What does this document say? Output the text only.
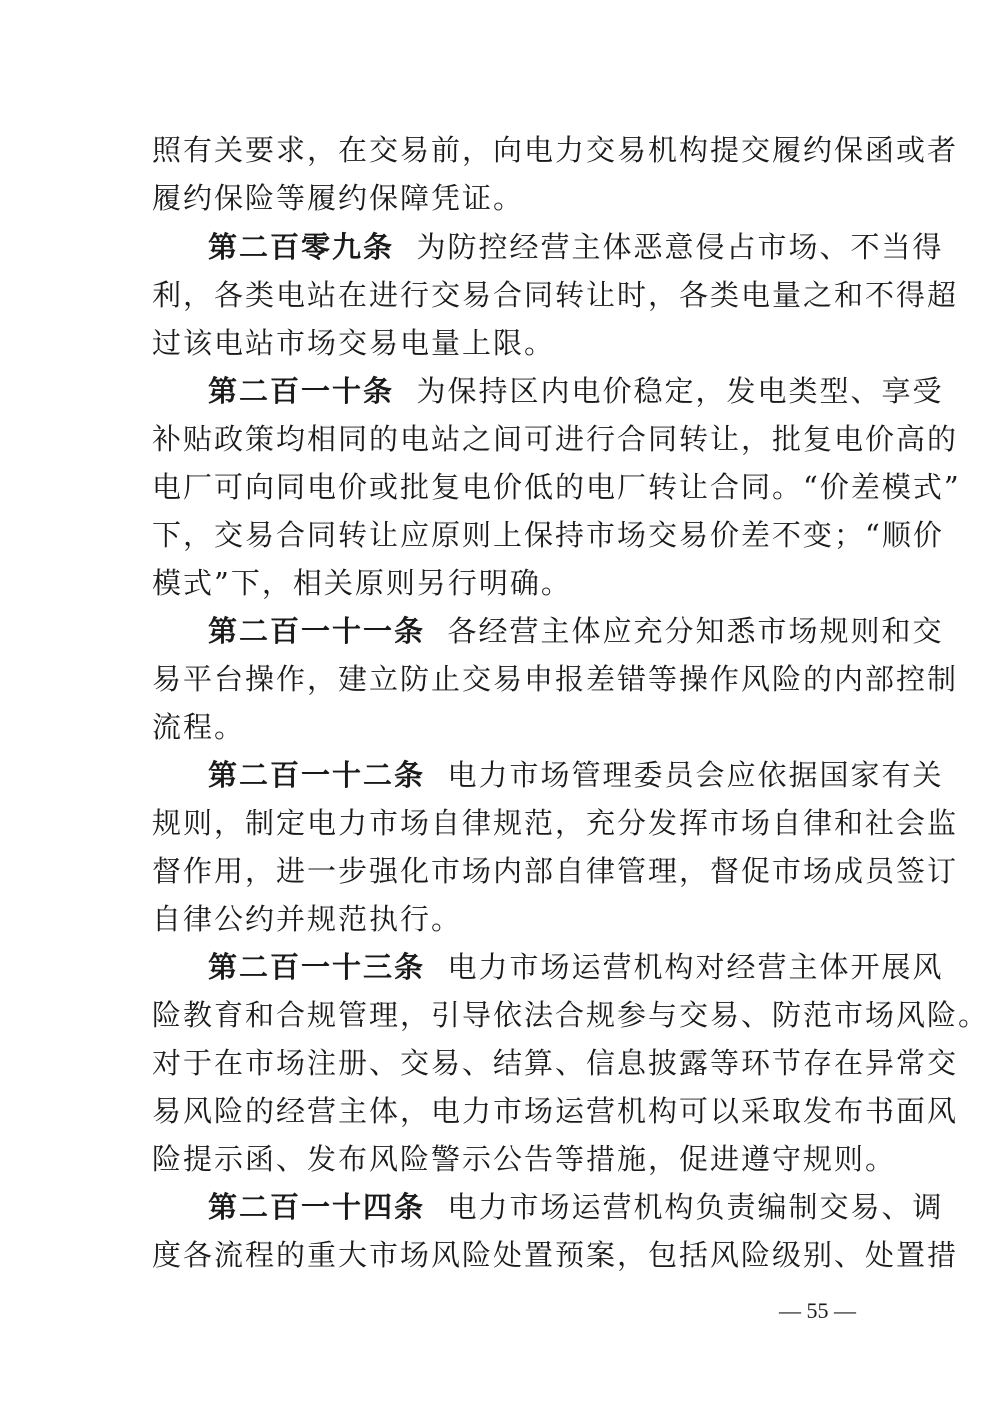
照有关要求，在交易前，向电力交易机构提交履约保函或者
履约保险等履约保障凭证。
第二百零九条 为防控经营主体恶意侵占市场、不当得
利，各类电站在进行交易合同转让时，各类电量之和不得超
过该电站市场交易电量上限。
第二百一十条 为保持区内电价稳定，发电类型、享受
补贴政策均相同的电站之间可进行合同转让，批复电价高的
电厂可向同电价或批复电价低的电厂转让合同。“价差模式”
下，交易合同转让应原则上保持市场交易价差不变；“顺价
模式”下，相关原则另行明确。
第二百一十一条 各经营主体应充分知悉市场规则和交
易平台操作，建立防止交易申报差错等操作风险的内部控制
流程。
第二百一十二条 电力市场管理委员会应依据国家有关
规则，制定电力市场自律规范，充分发挥市场自律和社会监
督作用，进一步强化市场内部自律管理，督促市场成员签订
自律公约并规范执行。
第二百一十三条 电力市场运营机构对经营主体开展风
险教育和合规管理，引导依法合规参与交易、防范市场风险。
对于在市场注册、交易、结算、信息披露等环节存在异常交
易风险的经营主体，电力市场运营机构可以采取发布书面风
险提示函、发布风险警示公告等措施，促进遵守规则。
第二百一十四条 电力市场运营机构负责编制交易、调
度各流程的重大市场风险处置预案，包括风险级别、处置措
— 55 —
